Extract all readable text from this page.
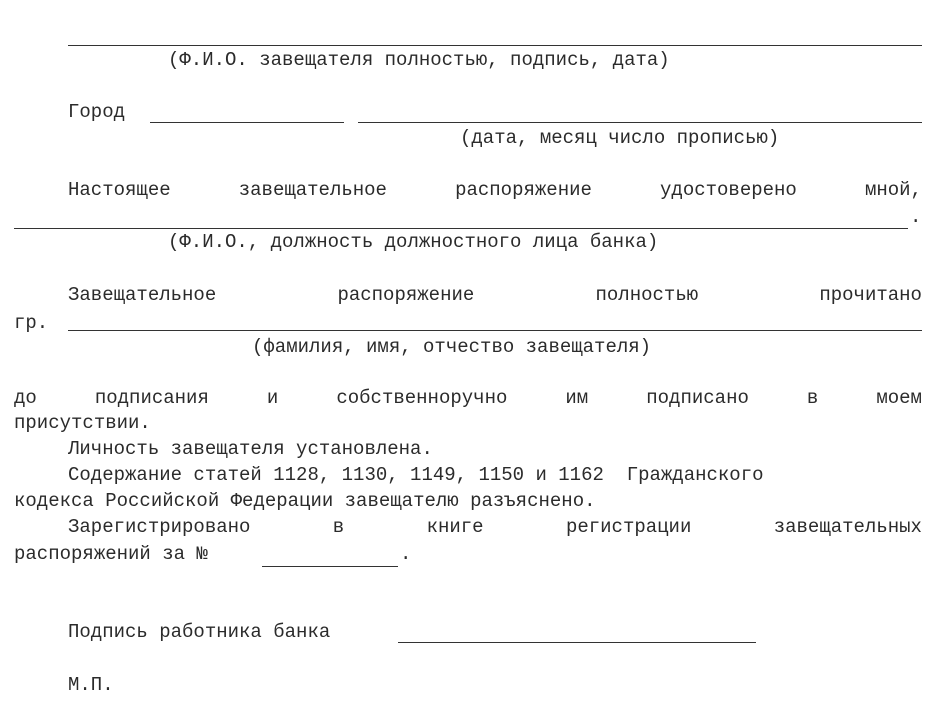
(Ф.И.О. завещателя полностью, подпись, дата)
Город
(дата, месяц число прописью)
Настоящее	завещательное	распоряжение	удостоверено	мной,
.
(Ф.И.О., должность должностного лица банка)
Завещательное	распоряжение	полностью	прочитано
гр.
(фамилия, имя, отчество завещателя)
до	подписания	и	собственноручно	им	подписано	в	моем
присутствии.
Личность завещателя установлена.
Содержание статей 1128, 1130, 1149, 1150 и 1162  Гражданского
кодекса Российской Федерации завещателю разъяснено.
Зарегистрировано	в	книге	регистрации	завещательных
распоряжений за №	.
Подпись работника банка
М.П.
